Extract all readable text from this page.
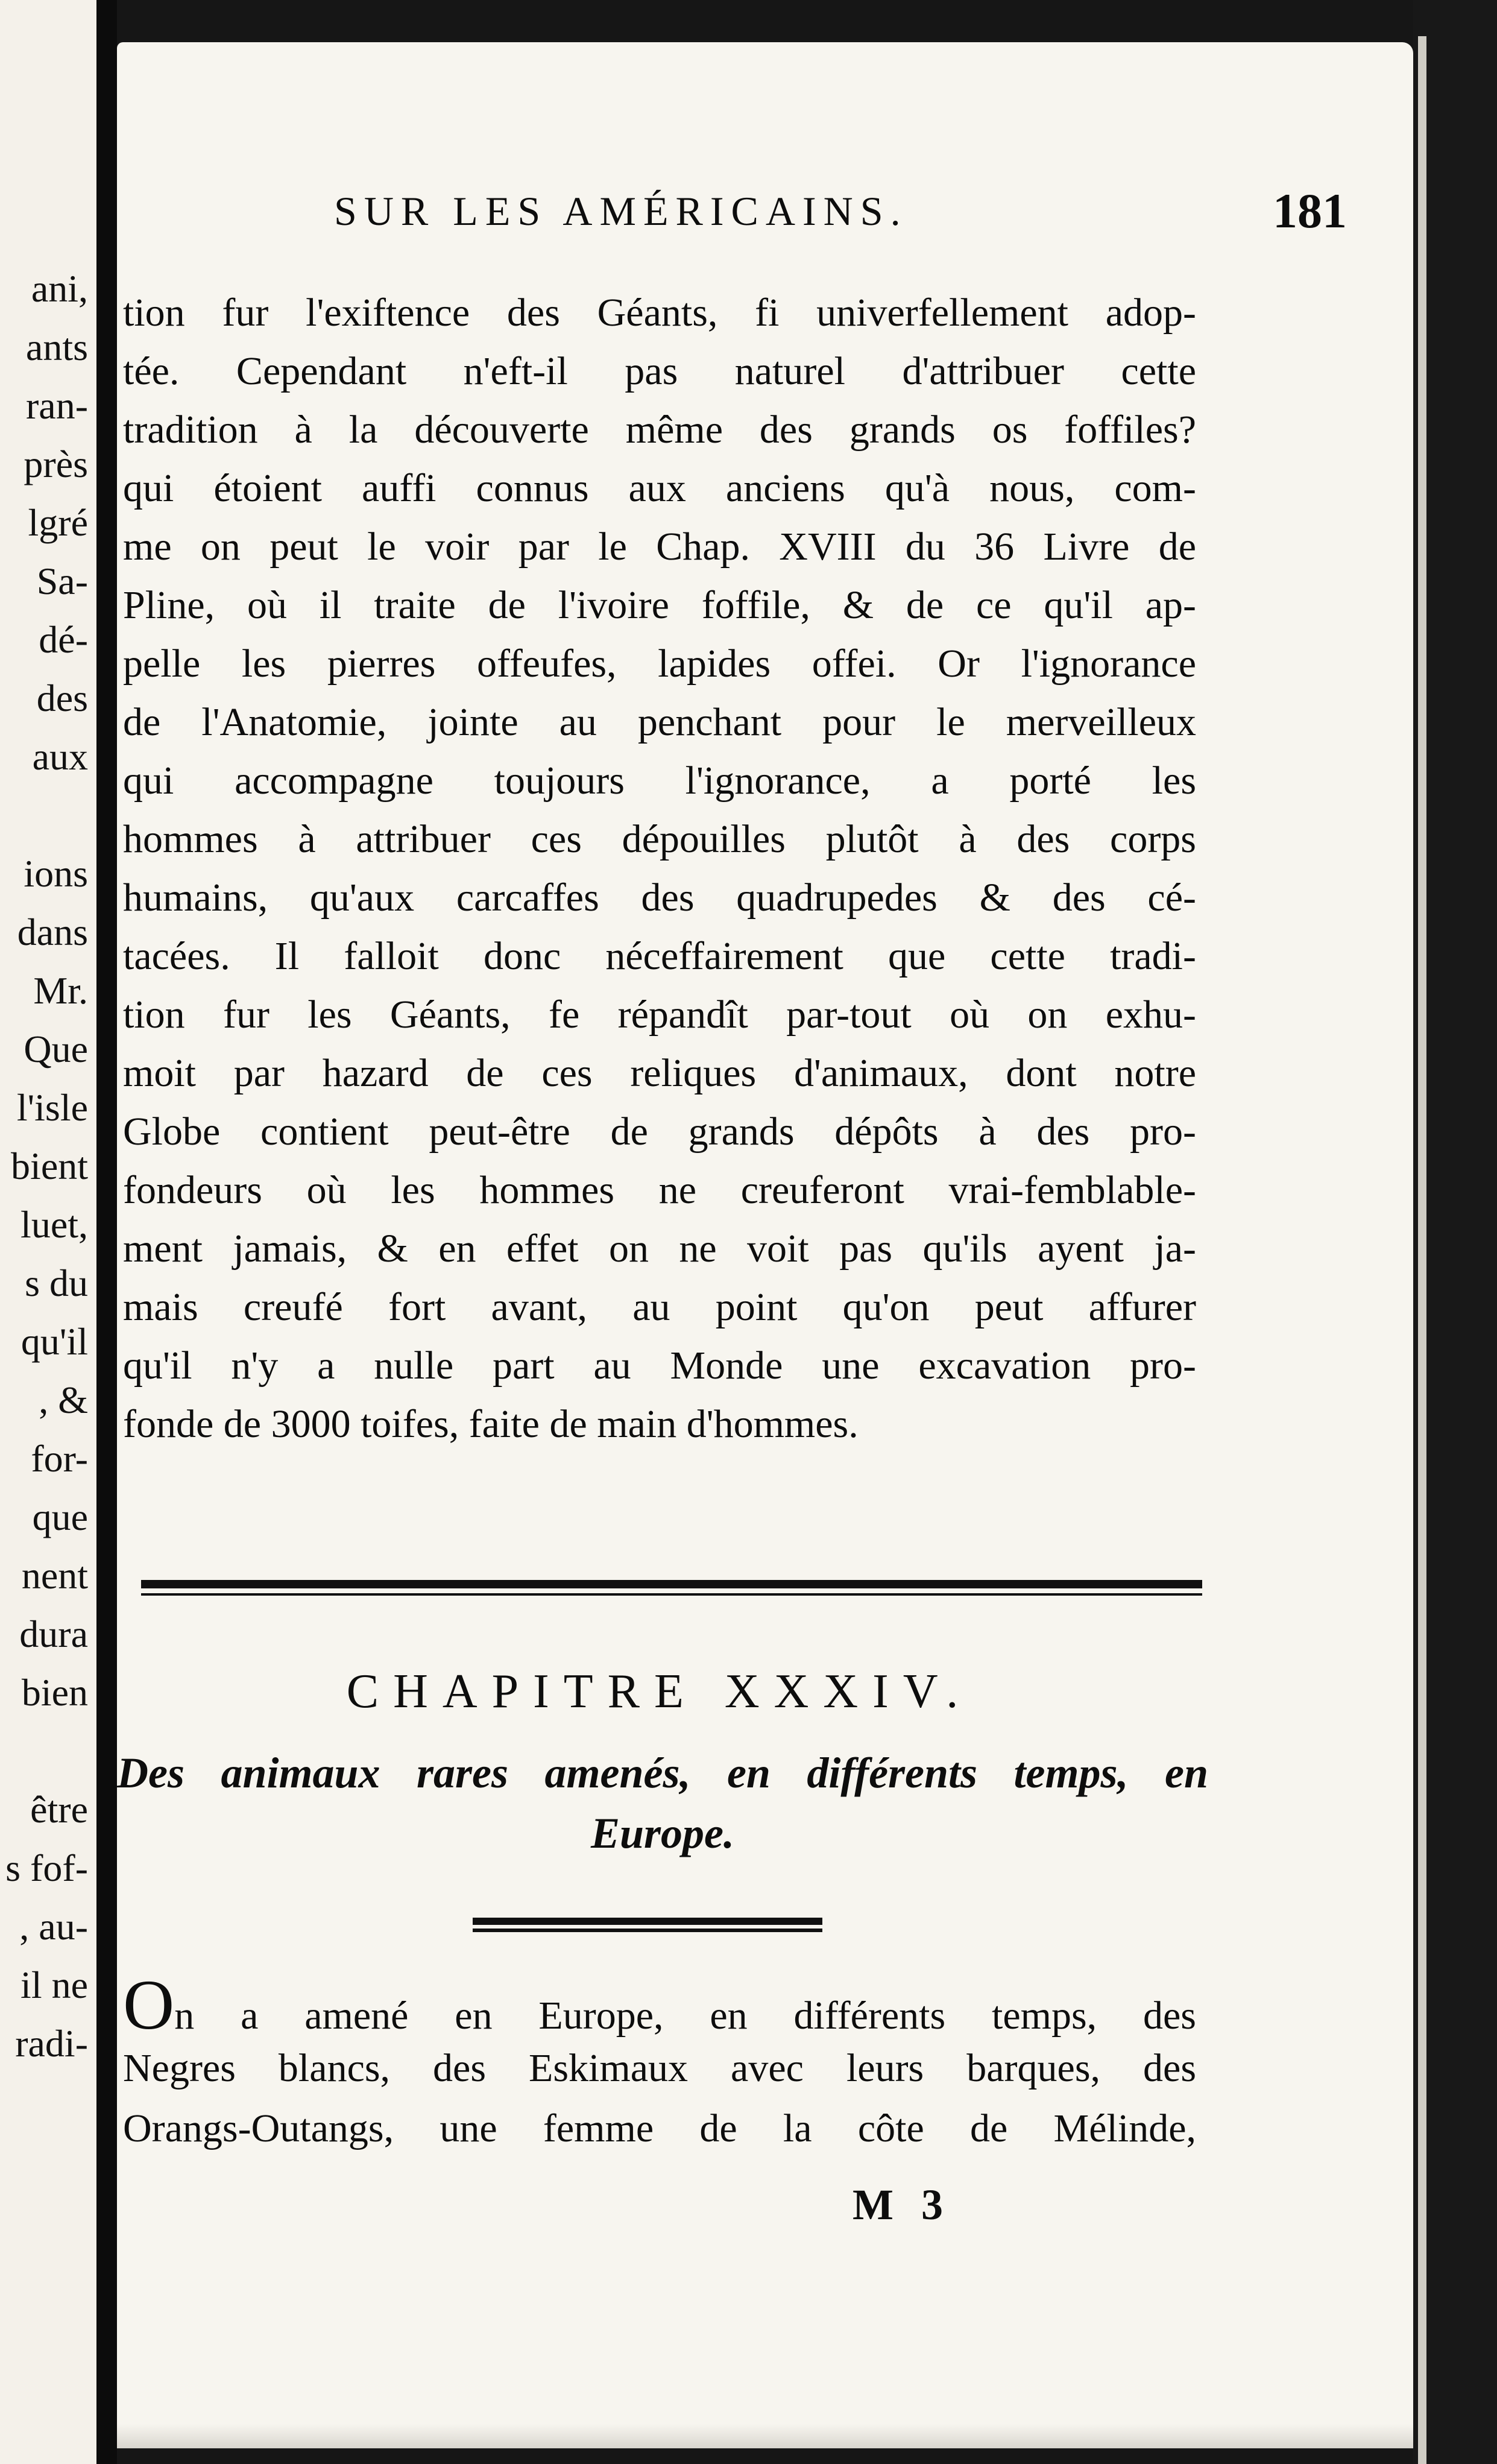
ani,
ants
ran-
près
lgré
Sa-
dé-
des
aux
ions
dans
Mr.
Que
l'isle
bient
luet,
s du
qu'il
, &
for-
que
nent
dura
bien
être
s fof-
, au-
il ne
radi-
SUR LES AMÉRICAINS.	181
tion fur l'exiftence des Géants, fi univerfellement adop-
tée. Cependant n'eft-il pas naturel d'attribuer cette
tradition à la découverte même des grands os foffiles?
qui étoient auffi connus aux anciens qu'à nous, com-
me on peut le voir par le Chap. XVIII du 36 Livre de
Pline, où il traite de l'ivoire foffile, & de ce qu'il ap-
pelle les pierres offeufes, lapides offei. Or l'ignorance
de l'Anatomie, jointe au penchant pour le merveilleux
qui accompagne toujours l'ignorance, a porté les
hommes à attribuer ces dépouilles plutôt à des corps
humains, qu'aux carcaffes des quadrupedes & des cé-
tacées. Il falloit donc néceffairement que cette tradi-
tion fur les Géants, fe répandît par-tout où on exhu-
moit par hazard de ces reliques d'animaux, dont notre
Globe contient peut-être de grands dépôts à des pro-
fondeurs où les hommes ne creuferont vrai-femblable-
ment jamais, & en effet on ne voit pas qu'ils ayent ja-
mais creufé fort avant, au point qu'on peut affurer
qu'il n'y a nulle part au Monde une excavation pro-
fonde de 3000 toifes, faite de main d'hommes.
CHAPITRE XXXIV.
Des animaux rares amenés, en différents temps, en
Europe.
On a amené en Europe, en différents temps, des
Negres blancs, des Eskimaux avec leurs barques, des
Orangs-Outangs, une femme de la côte de Mélinde,
M 3
